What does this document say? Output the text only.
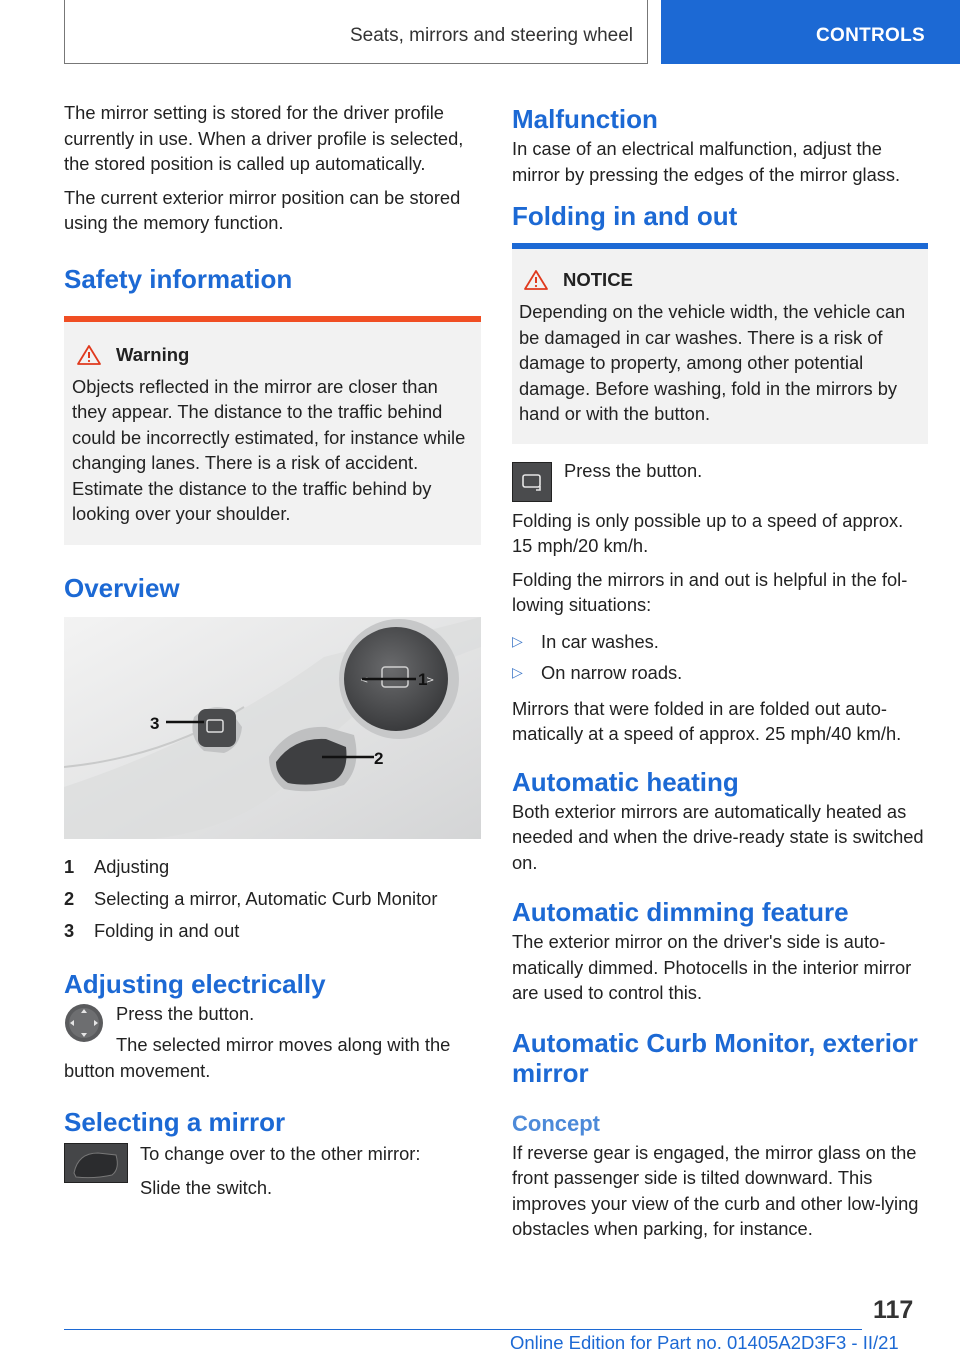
Seats, mirrors and steering wheel	CONTROLS

The mirror setting is stored for the driver profile currently in use. When a driver profile is selected, the stored position is called up automatically.

The current exterior mirror position can be stored using the memory function.

Safety information
Warning

Objects reflected in the mirror are closer than they appear. The distance to the traffic behind could be incorrectly estimated, for instance while changing lanes. There is a risk of accident. Estimate the distance to the traffic behind by looking over your shoulder.

Overview
<	>
1
2
3
1	Adjusting
2	Selecting a mirror, Automatic Curb Monitor
3	Folding in and out
Adjusting electrically

Press the button.

The selected mirror moves along with the button movement.

Selecting a mirror

To change over to the other mirror:

Slide the switch.

Malfunction

In case of an electrical malfunction, adjust the mirror by pressing the edges of the mirror glass.

Folding in and out
NOTICE

Depending on the vehicle width, the vehicle can be damaged in car washes. There is a risk of damage to property, among other potential damage. Before washing, fold in the mirrors by hand or with the button.

Press the button.

Folding is only possible up to a speed of approx. 15 mph/20 km/h.

Folding the mirrors in and out is helpful in the following situations:

▷ In car washes.
▷ On narrow roads.

Mirrors that were folded in are folded out automatically at a speed of approx. 25 mph/40 km/h.

Automatic heating

Both exterior mirrors are automatically heated as needed and when the drive-ready state is switched on.

Automatic dimming feature

The exterior mirror on the driver's side is automatically dimmed. Photocells in the interior mirror are used to control this.

Automatic Curb Monitor, exterior mirror
Concept

If reverse gear is engaged, the mirror glass on the front passenger side is tilted downward. This improves your view of the curb and other low-lying obstacles when parking, for instance.

117
Online Edition for Part no. 01405A2D3F3 - II/21
